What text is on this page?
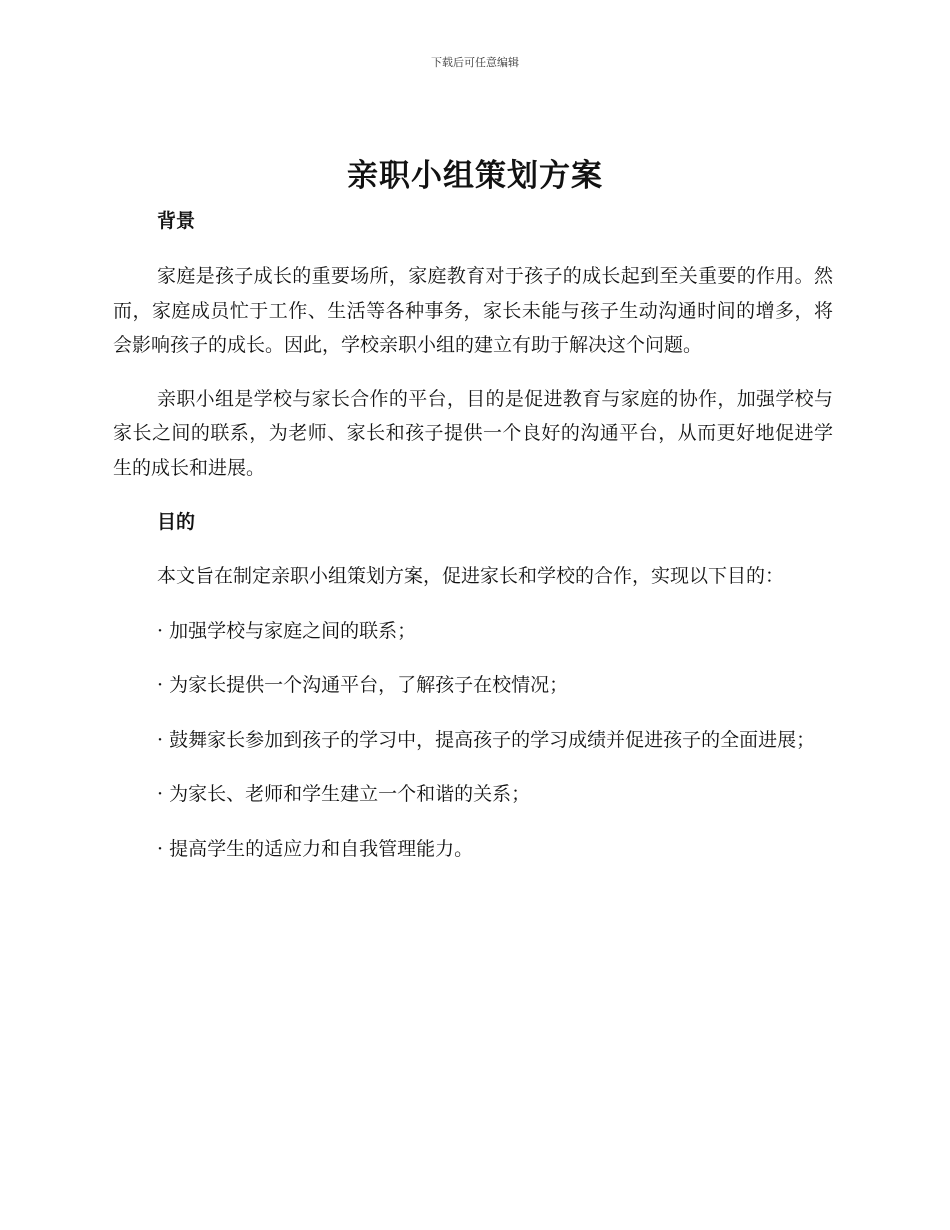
下载后可任意编辑
亲职小组策划方案
背景

家庭是孩子成长的重要场所，家庭教育对于孩子的成长起到至关重要的作用。然而，家庭成员忙于工作、生活等各种事务，家长未能与孩子生动沟通时间的增多，将会影响孩子的成长。因此，学校亲职小组的建立有助于解决这个问题。

亲职小组是学校与家长合作的平台，目的是促进教育与家庭的协作，加强学校与家长之间的联系，为老师、家长和孩子提供一个良好的沟通平台，从而更好地促进学生的成长和进展。

目的

本文旨在制定亲职小组策划方案，促进家长和学校的合作，实现以下目的：

· 加强学校与家庭之间的联系；

· 为家长提供一个沟通平台，了解孩子在校情况；

· 鼓舞家长参加到孩子的学习中，提高孩子的学习成绩并促进孩子的全面进展；

· 为家长、老师和学生建立一个和谐的关系；

· 提高学生的适应力和自我管理能力。
